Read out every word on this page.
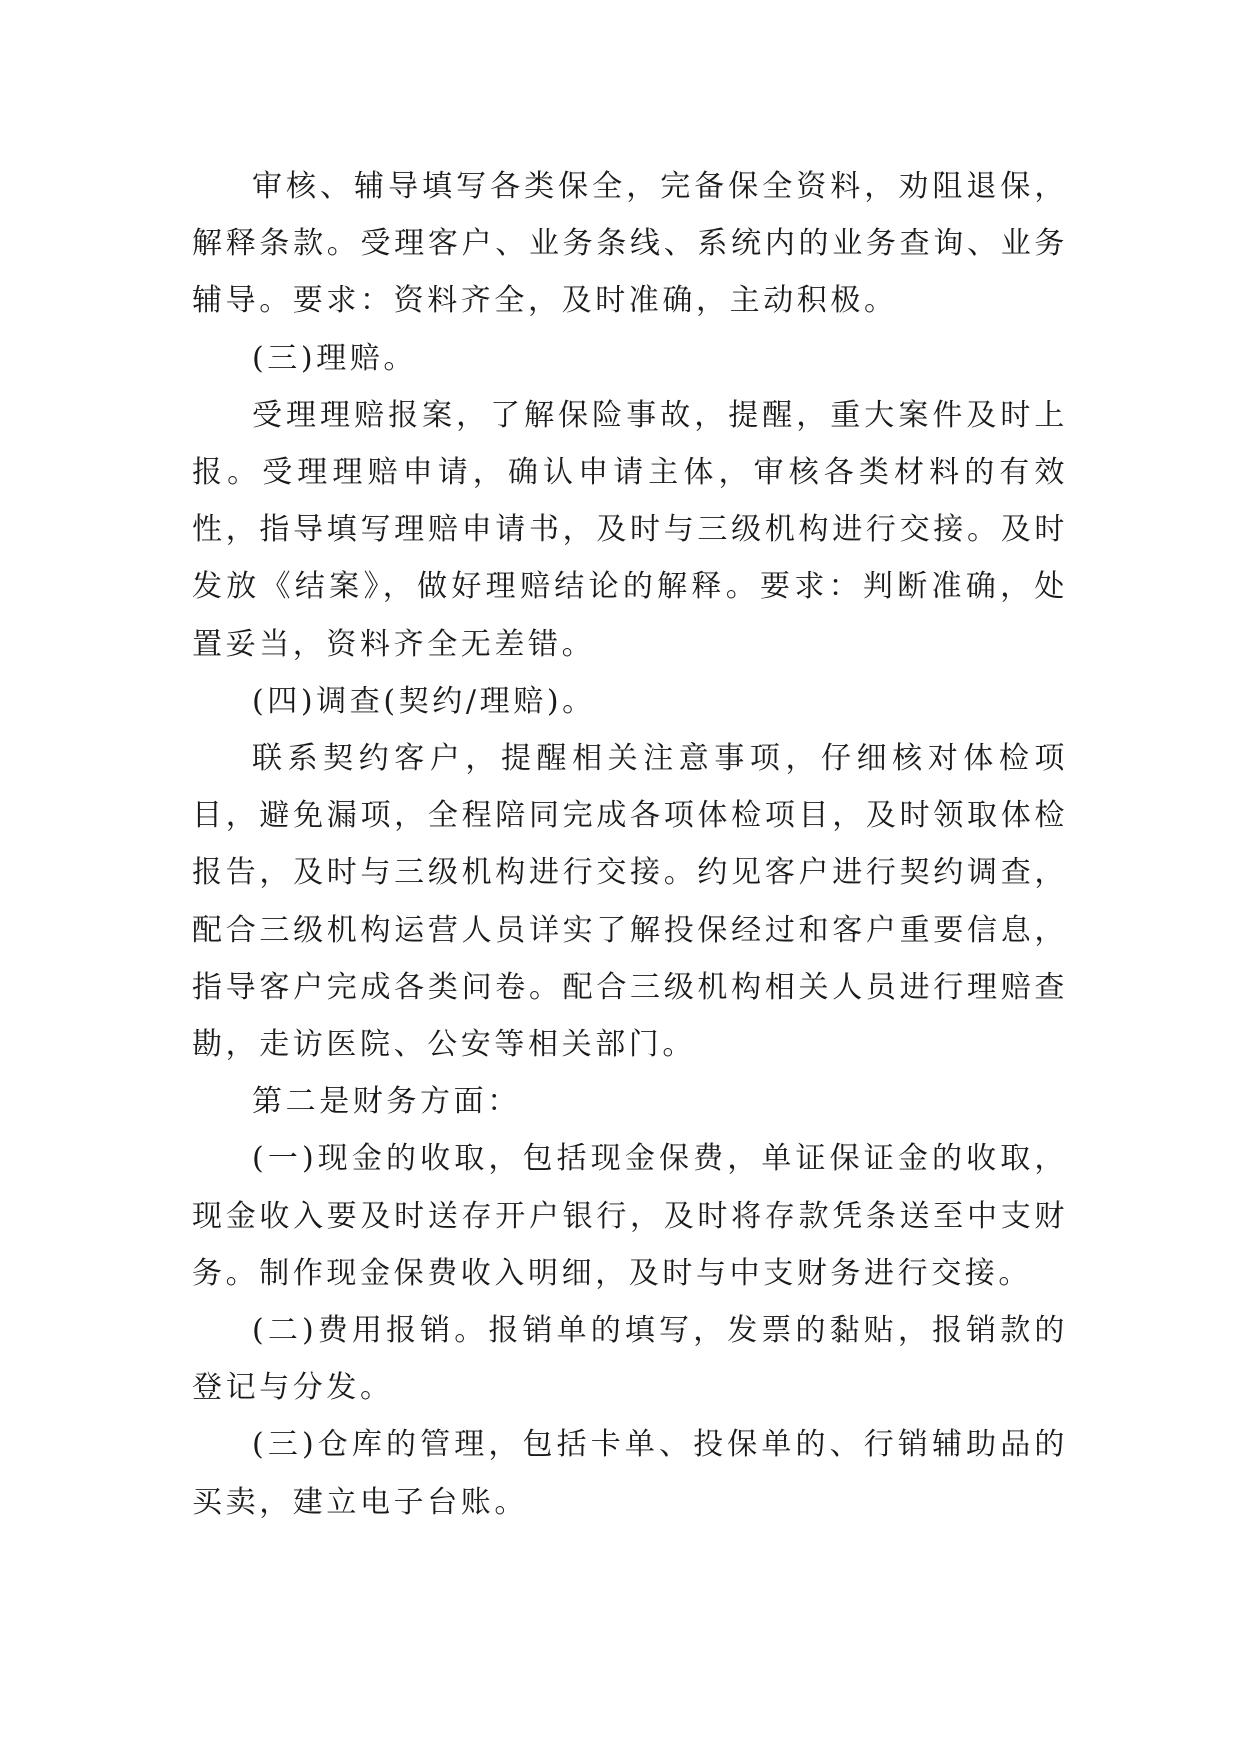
审核、辅导填写各类保全，完备保全资料，劝阻退保，解释条款。受理客户、业务条线、系统内的业务查询、业务辅导。要求：资料齐全，及时准确，主动积极。

(三)理赔。

受理理赔报案，了解保险事故，提醒，重大案件及时上报。受理理赔申请，确认申请主体，审核各类材料的有效性，指导填写理赔申请书，及时与三级机构进行交接。及时发放《结案》，做好理赔结论的解释。要求：判断准确，处置妥当，资料齐全无差错。

(四)调查(契约/理赔)。

联系契约客户，提醒相关注意事项，仔细核对体检项目，避免漏项，全程陪同完成各项体检项目，及时领取体检报告，及时与三级机构进行交接。约见客户进行契约调查，配合三级机构运营人员详实了解投保经过和客户重要信息，指导客户完成各类问卷。配合三级机构相关人员进行理赔查勘，走访医院、公安等相关部门。

第二是财务方面：

(一)现金的收取，包括现金保费，单证保证金的收取，现金收入要及时送存开户银行，及时将存款凭条送至中支财务。制作现金保费收入明细，及时与中支财务进行交接。

(二)费用报销。报销单的填写，发票的黏贴，报销款的登记与分发。

(三)仓库的管理，包括卡单、投保单的、行销辅助品的买卖，建立电子台账。
